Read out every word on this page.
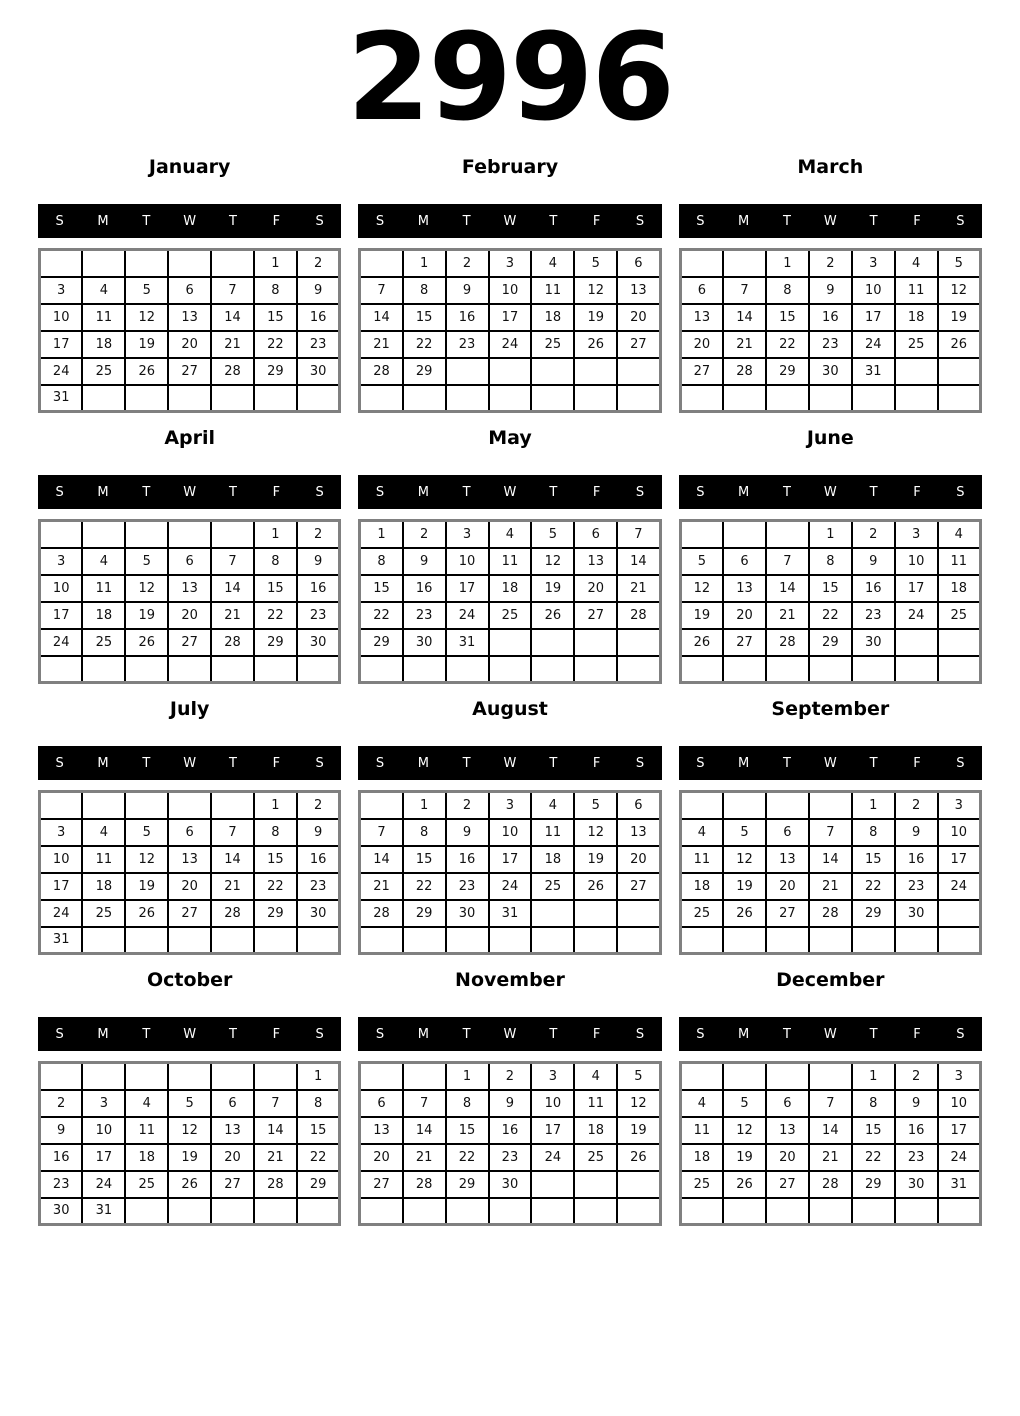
2996
January
S	M	T	W	T	F	S
					1	2
3	4	5	6	7	8	9
10	11	12	13	14	15	16
17	18	19	20	21	22	23
24	25	26	27	28	29	30
31						
February
S	M	T	W	T	F	S
	1	2	3	4	5	6
7	8	9	10	11	12	13
14	15	16	17	18	19	20
21	22	23	24	25	26	27
28	29					

March
S	M	T	W	T	F	S
		1	2	3	4	5
6	7	8	9	10	11	12
13	14	15	16	17	18	19
20	21	22	23	24	25	26
27	28	29	30	31		

April
S	M	T	W	T	F	S
					1	2
3	4	5	6	7	8	9
10	11	12	13	14	15	16
17	18	19	20	21	22	23
24	25	26	27	28	29	30

May
S	M	T	W	T	F	S
1	2	3	4	5	6	7
8	9	10	11	12	13	14
15	16	17	18	19	20	21
22	23	24	25	26	27	28
29	30	31				

June
S	M	T	W	T	F	S
			1	2	3	4
5	6	7	8	9	10	11
12	13	14	15	16	17	18
19	20	21	22	23	24	25
26	27	28	29	30		

July
S	M	T	W	T	F	S
					1	2
3	4	5	6	7	8	9
10	11	12	13	14	15	16
17	18	19	20	21	22	23
24	25	26	27	28	29	30
31						
August
S	M	T	W	T	F	S
	1	2	3	4	5	6
7	8	9	10	11	12	13
14	15	16	17	18	19	20
21	22	23	24	25	26	27
28	29	30	31			

September
S	M	T	W	T	F	S
				1	2	3
4	5	6	7	8	9	10
11	12	13	14	15	16	17
18	19	20	21	22	23	24
25	26	27	28	29	30	

October
S	M	T	W	T	F	S
						1
2	3	4	5	6	7	8
9	10	11	12	13	14	15
16	17	18	19	20	21	22
23	24	25	26	27	28	29
30	31					
November
S	M	T	W	T	F	S
		1	2	3	4	5
6	7	8	9	10	11	12
13	14	15	16	17	18	19
20	21	22	23	24	25	26
27	28	29	30			

December
S	M	T	W	T	F	S
				1	2	3
4	5	6	7	8	9	10
11	12	13	14	15	16	17
18	19	20	21	22	23	24
25	26	27	28	29	30	31
